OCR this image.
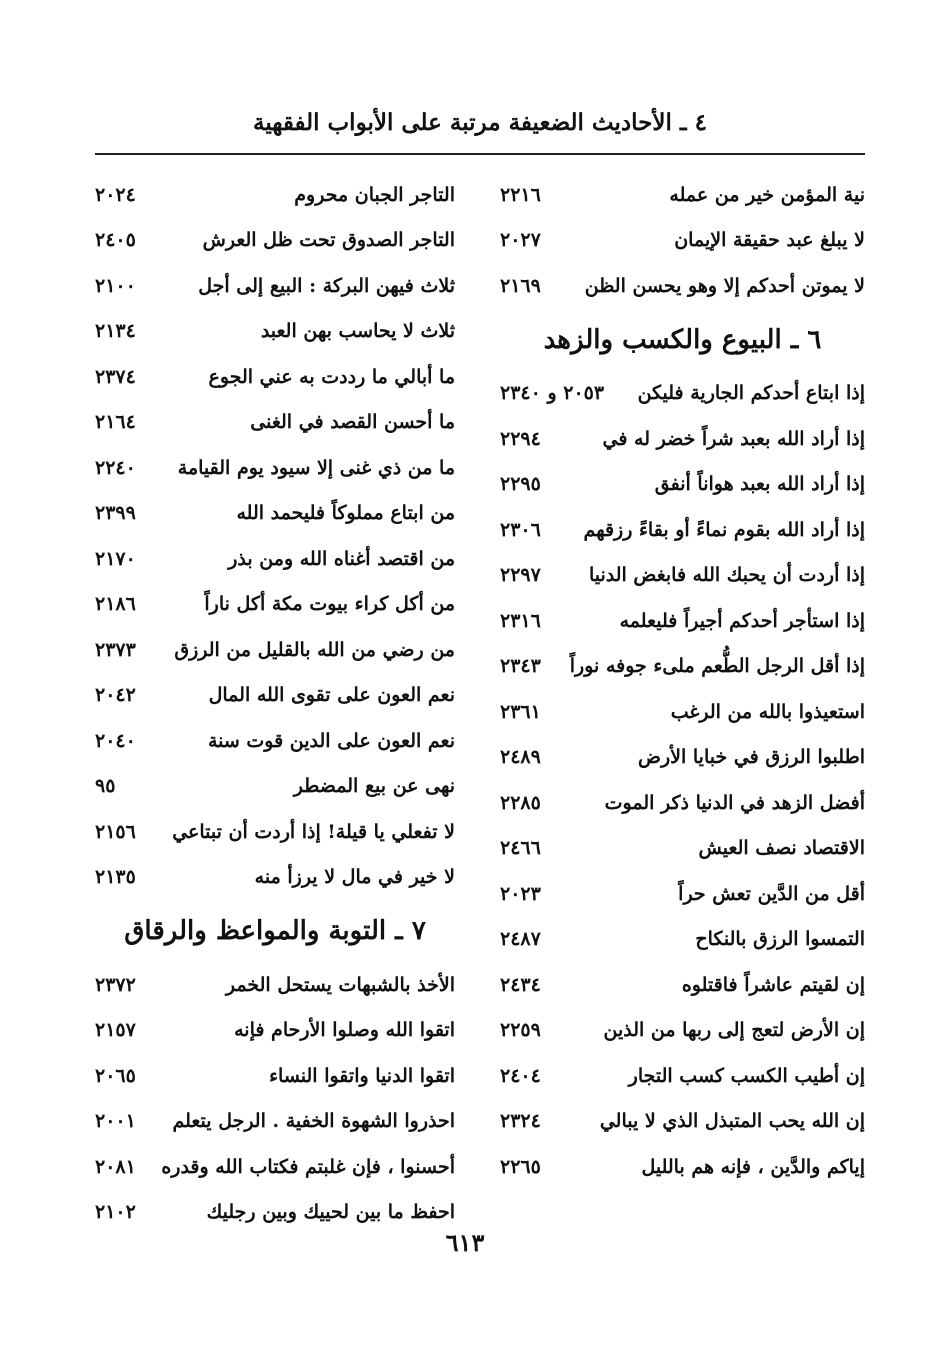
٤ ـ الأحاديث الضعيفة مرتبة على الأبواب الفقهية
نية المؤمن خير من عمله
٢٢١٦
لا يبلغ عبد حقيقة الإيمان
٢٠٢٧
لا يموتن أحدكم إلا وهو يحسن الظن
٢١٦٩
٦ ـ البيوع والكسب والزهد
إذا ابتاع أحدكم الجارية فليكن
٢٠٥٣ و ٢٣٤٠
إذا أراد الله بعبد شراً خضر له في
٢٢٩٤
إذا أراد الله بعبد هواناً أنفق
٢٢٩٥
إذا أراد الله بقوم نماءً أو بقاءً رزقهم
٢٣٠٦
إذا أردت أن يحبك الله فابغض الدنيا
٢٢٩٧
إذا استأجر أحدكم أجيراً فليعلمه
٢٣١٦
إذا أقل الرجل الطُّعم ملىء جوفه نوراً
٢٣٤٣
استعيذوا بالله من الرغب
٢٣٦١
اطلبوا الرزق في خبايا الأرض
٢٤٨٩
أفضل الزهد في الدنيا ذكر الموت
٢٢٨٥
الاقتصاد نصف العيش
٢٤٦٦
أقل من الدَّين تعش حراً
٢٠٢٣
التمسوا الرزق بالنكاح
٢٤٨٧
إن لقيتم عاشراً فاقتلوه
٢٤٣٤
إن الأرض لتعج إلى ربها من الذين
٢٢٥٩
إن أطيب الكسب كسب التجار
٢٤٠٤
إن الله يحب المتبذل الذي لا يبالي
٢٣٢٤
إياكم والدَّين ، فإنه هم بالليل
٢٢٦٥
التاجر الجبان محروم
٢٠٢٤
التاجر الصدوق تحت ظل العرش
٢٤٠٥
ثلاث فيهن البركة : البيع إلى أجل
٢١٠٠
ثلاث لا يحاسب بهن العبد
٢١٣٤
ما أبالي ما رددت به عني الجوع
٢٣٧٤
ما أحسن القصد في الغنى
٢١٦٤
ما من ذي غنى إلا سيود يوم القيامة
٢٢٤٠
من ابتاع مملوكاً فليحمد الله
٢٣٩٩
من اقتصد أغناه الله ومن بذر
٢١٧٠
من أكل كراء بيوت مكة أكل ناراً
٢١٨٦
من رضي من الله بالقليل من الرزق
٢٣٧٣
نعم العون على تقوى الله المال
٢٠٤٢
نعم العون على الدين قوت سنة
٢٠٤٠
نهى عن بيع المضطر
٩٥
لا تفعلي يا قيلة! إذا أردت أن تبتاعي
٢١٥٦
لا خير في مال لا يرزأ منه
٢١٣٥
٧ ـ التوبة والمواعظ والرقاق
الأخذ بالشبهات يستحل الخمر
٢٣٧٢
اتقوا الله وصلوا الأرحام فإنه
٢١٥٧
اتقوا الدنيا واتقوا النساء
٢٠٦٥
احذروا الشهوة الخفية . الرجل يتعلم
٢٠٠١
أحسنوا ، فإن غلبتم فكتاب الله وقدره
٢٠٨١
احفظ ما بين لحييك وبين رجليك
٢١٠٢
٦١٣
